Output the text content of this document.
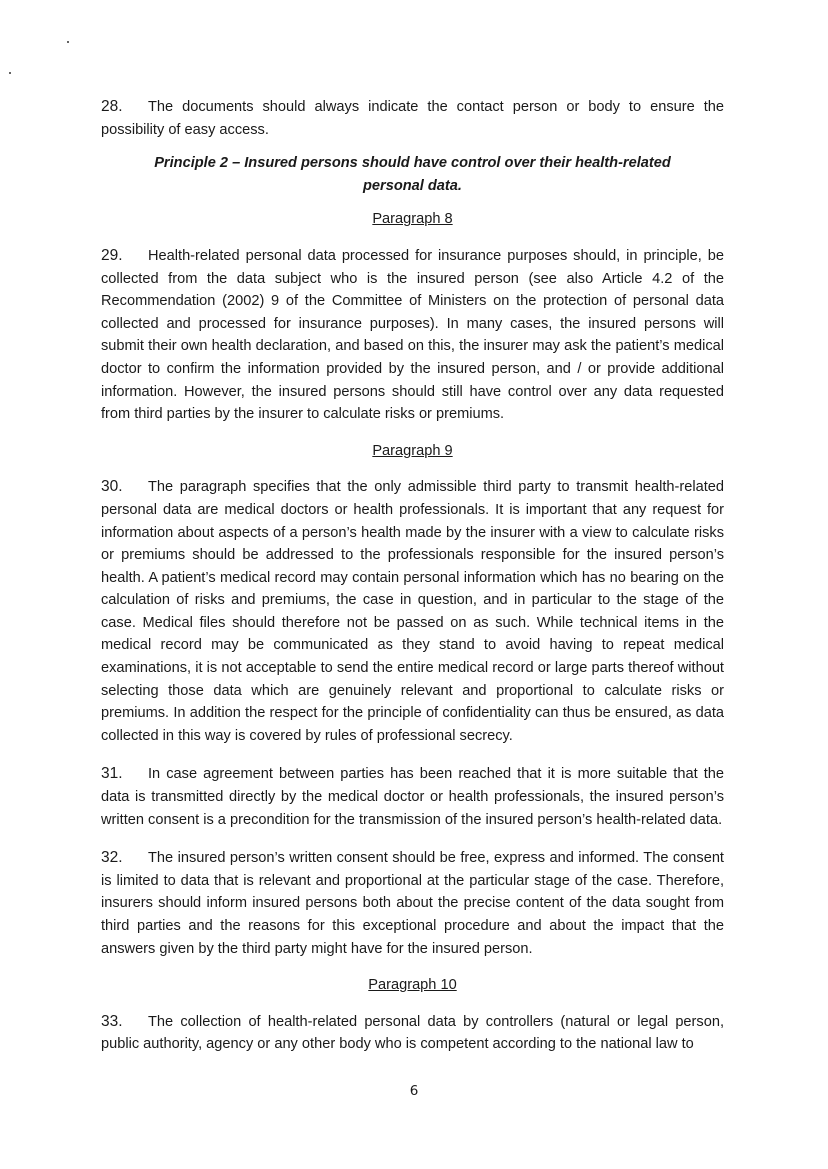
28. The documents should always indicate the contact person or body to ensure the possibility of easy access.

Principle 2 – Insured persons should have control over their health-related personal data.

Paragraph 8

29. Health-related personal data processed for insurance purposes should, in principle, be collected from the data subject who is the insured person (see also Article 4.2 of the Recommendation (2002) 9 of the Committee of Ministers on the protection of personal data collected and processed for insurance purposes). In many cases, the insured persons will submit their own health declaration, and based on this, the insurer may ask the patient’s medical doctor to confirm the information provided by the insured person, and / or provide additional information. However, the insured persons should still have control over any data requested from third parties by the insurer to calculate risks or premiums.

Paragraph 9

30. The paragraph specifies that the only admissible third party to transmit health-related personal data are medical doctors or health professionals. It is important that any request for information about aspects of a person’s health made by the insurer with a view to calculate risks or premiums should be addressed to the professionals responsible for the insured person’s health. A patient’s medical record may contain personal information which has no bearing on the calculation of risks and premiums, the case in question, and in particular to the stage of the case. Medical files should therefore not be passed on as such. While technical items in the medical record may be communicated as they stand to avoid having to repeat medical examinations, it is not acceptable to send the entire medical record or large parts thereof without selecting those data which are genuinely relevant and proportional to calculate risks or premiums. In addition the respect for the principle of confidentiality can thus be ensured, as data collected in this way is covered by rules of professional secrecy.

31. In case agreement between parties has been reached that it is more suitable that the data is transmitted directly by the medical doctor or health professionals, the insured person’s written consent is a precondition for the transmission of the insured person’s health-related data.

32. The insured person’s written consent should be free, express and informed. The consent is limited to data that is relevant and proportional at the particular stage of the case. Therefore, insurers should inform insured persons both about the precise content of the data sought from third parties and the reasons for this exceptional procedure and about the impact that the answers given by the third party might have for the insured person.

Paragraph 10

33. The collection of health-related personal data by controllers (natural or legal person, public authority, agency or any other body who is competent according to the national law to

6
